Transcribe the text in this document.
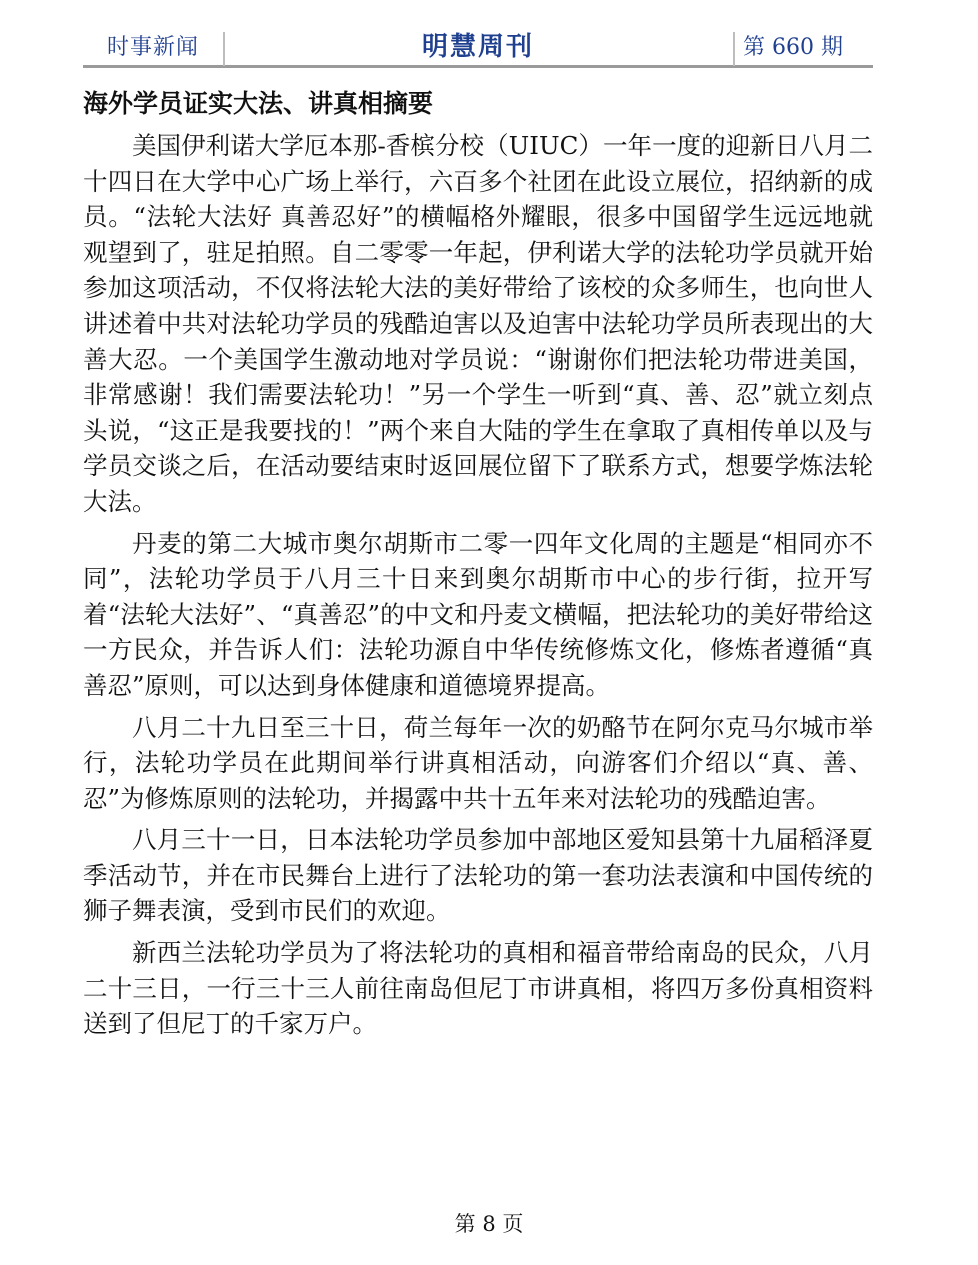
时事新闻	明慧周刊	第 660 期
海外学员证实大法、讲真相摘要

美国伊利诺大学厄本那-香槟分校（UIUC）一年一度的迎新日八月二十四日在大学中心广场上举行，六百多个社团在此设立展位，招纳新的成员。“法轮大法好 真善忍好”的横幅格外耀眼，很多中国留学生远远地就观望到了，驻足拍照。自二零零一年起，伊利诺大学的法轮功学员就开始参加这项活动，不仅将法轮大法的美好带给了该校的众多师生，也向世人讲述着中共对法轮功学员的残酷迫害以及迫害中法轮功学员所表现出的大善大忍。一个美国学生激动地对学员说：“谢谢你们把法轮功带进美国，非常感谢！我们需要法轮功！”另一个学生一听到“真、善、忍”就立刻点头说，“这正是我要找的！”两个来自大陆的学生在拿取了真相传单以及与学员交谈之后，在活动要结束时返回展位留下了联系方式，想要学炼法轮大法。

丹麦的第二大城市奥尔胡斯市二零一四年文化周的主题是“相同亦不同”，法轮功学员于八月三十日来到奥尔胡斯市中心的步行街，拉开写着“法轮大法好”、“真善忍”的中文和丹麦文横幅，把法轮功的美好带给这一方民众，并告诉人们：法轮功源自中华传统修炼文化，修炼者遵循“真善忍”原则，可以达到身体健康和道德境界提高。

八月二十九日至三十日，荷兰每年一次的奶酪节在阿尔克马尔城市举行，法轮功学员在此期间举行讲真相活动，向游客们介绍以“真、善、忍”为修炼原则的法轮功，并揭露中共十五年来对法轮功的残酷迫害。

八月三十一日，日本法轮功学员参加中部地区爱知县第十九届稻泽夏季活动节，并在市民舞台上进行了法轮功的第一套功法表演和中国传统的狮子舞表演，受到市民们的欢迎。

新西兰法轮功学员为了将法轮功的真相和福音带给南岛的民众，八月二十三日，一行三十三人前往南岛但尼丁市讲真相，将四万多份真相资料送到了但尼丁的千家万户。

第 8 页
